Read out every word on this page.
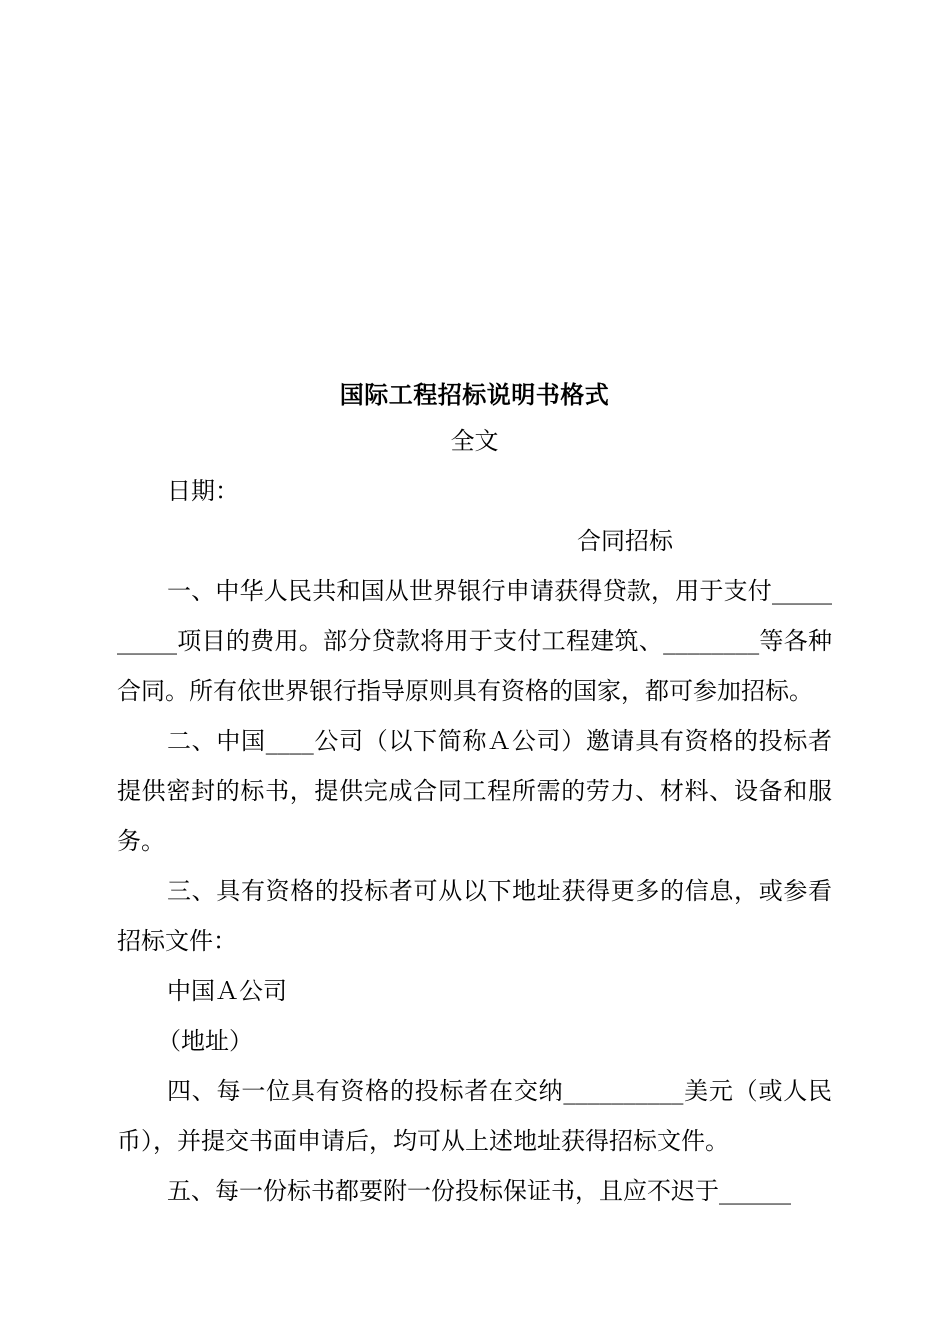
国际工程招标说明书格式

全文

日期：

合同招标

一、中华人民共和国从世界银行申请获得贷款，用于支付__________项目的费用。部分贷款将用于支付工程建筑、________等各种合同。所有依世界银行指导原则具有资格的国家，都可参加招标。

二、中国____公司（以下简称Ａ公司）邀请具有资格的投标者提供密封的标书，提供完成合同工程所需的劳力、材料、设备和服务。

三、具有资格的投标者可从以下地址获得更多的信息，或参看招标文件：

中国Ａ公司

（地址）

四、每一位具有资格的投标者在交纳__________美元（或人民币），并提交书面申请后，均可从上述地址获得招标文件。

五、每一份标书都要附一份投标保证书，且应不迟于______
